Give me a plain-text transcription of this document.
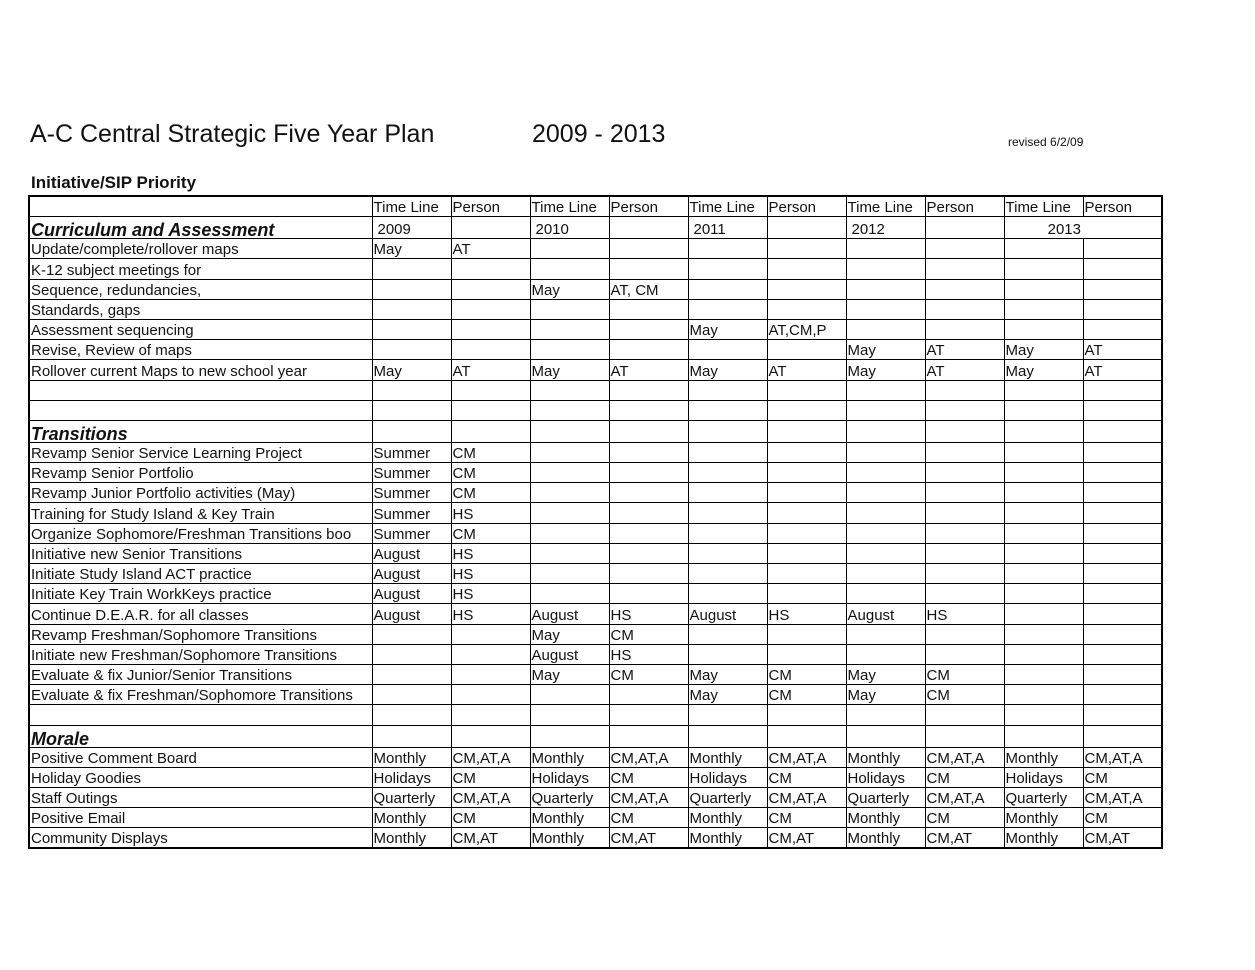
A-C Central Strategic Five Year Plan	2009 - 2013	revised 6/2/09
Initiative/SIP Priority
	Time Line	Person	Time Line	Person	Time Line	Person	Time Line	Person	Time Line	Person
Curriculum and Assessment	2009		2010		2011		2012		2013	
Update/complete/rollover maps	May	AT								
K-12 subject meetings for										
Sequence, redundancies,			May	AT, CM						
Standards, gaps										
Assessment sequencing					May	AT,CM,P				
Revise, Review of maps							May	AT	May	AT
Rollover current Maps to new school year	May	AT	May	AT	May	AT	May	AT	May	AT

Transitions										
Revamp Senior Service Learning Project	Summer	CM								
Revamp Senior Portfolio	Summer	CM								
Revamp Junior Portfolio activities (May)	Summer	CM								
Training for Study Island & Key Train	Summer	HS								
Organize Sophomore/Freshman Transitions boo	Summer	CM								
Initiative new Senior Transitions	August	HS								
Initiate Study Island ACT practice	August	HS								
Initiate Key Train WorkKeys practice	August	HS								
Continue D.E.A.R. for all classes	August	HS	August	HS	August	HS	August	HS		
Revamp Freshman/Sophomore Transitions			May	CM						
Initiate new Freshman/Sophomore Transitions			August	HS						
Evaluate & fix Junior/Senior Transitions			May	CM	May	CM	May	CM		
Evaluate & fix Freshman/Sophomore Transitions					May	CM	May	CM		

Morale										
Positive Comment Board	Monthly	CM,AT,A	Monthly	CM,AT,A	Monthly	CM,AT,A	Monthly	CM,AT,A	Monthly	CM,AT,A
Holiday Goodies	Holidays	CM	Holidays	CM	Holidays	CM	Holidays	CM	Holidays	CM
Staff Outings	Quarterly	CM,AT,A	Quarterly	CM,AT,A	Quarterly	CM,AT,A	Quarterly	CM,AT,A	Quarterly	CM,AT,A
Positive Email	Monthly	CM	Monthly	CM	Monthly	CM	Monthly	CM	Monthly	CM
Community Displays	Monthly	CM,AT	Monthly	CM,AT	Monthly	CM,AT	Monthly	CM,AT	Monthly	CM,AT
